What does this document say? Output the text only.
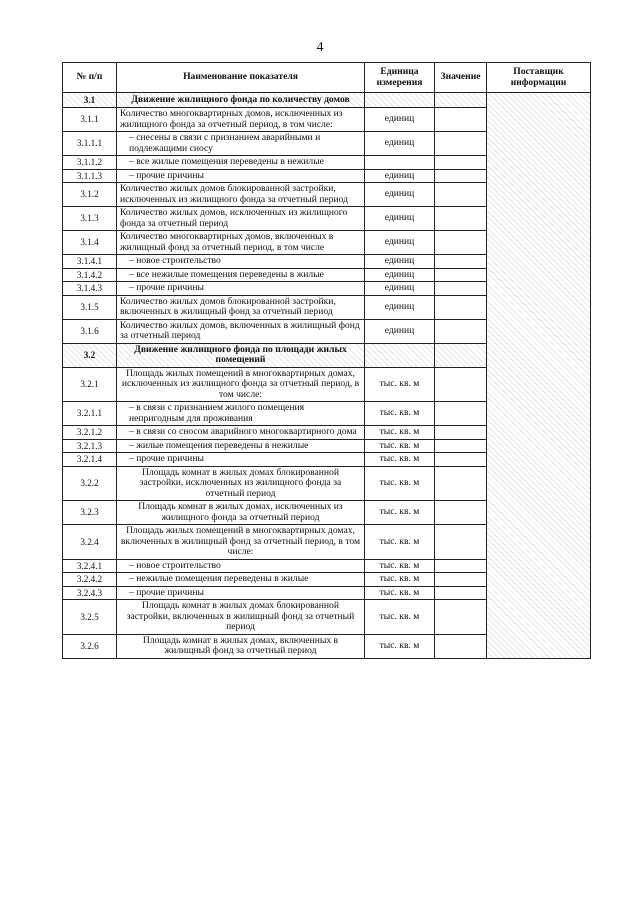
4
№ п/п	Наименование показателя	Единица измерения	Значение	Поставщик информации
3.1	Движение жилищного фонда по количеству домов			
3.1.1	Количество многоквартирных домов, исключенных из жилищного фонда за отчетный период, в том числе:	единиц		
3.1.1.1	– снесены в связи с признанием аварийными и подлежащими сносу	единиц		
3.1.1.2	– все жилые помещения переведены в нежилые			
3.1.1.3	– прочие причины	единиц		
3.1.2	Количество жилых домов блокированной застройки, исключенных из жилищного фонда за отчетный период	единиц		
3.1.3	Количество жилых домов, исключенных из жилищного фонда за отчетный период	единиц		
3.1.4	Количество многоквартирных домов, включенных в жилищный фонд за отчетный период, в том числе	единиц		
3.1.4.1	– новое строительство	единиц		
3.1.4.2	– все нежилые помещения переведены в жилые	единиц		
3.1.4.3	– прочие причины	единиц		
3.1.5	Количество жилых домов блокированной застройки, включенных в жилищный фонд за отчетный период	единиц		
3.1.6	Количество жилых домов, включенных в жилищный фонд за отчетный период	единиц		
3.2	Движение жилищного фонда по площади жилых помещений			
3.2.1	Площадь жилых помещений в многоквартирных домах, исключенных из жилищного фонда за отчетный период, в том числе:	тыс. кв. м		
3.2.1.1	– в связи с признанием жилого помещения непригодным для проживания	тыс. кв. м		
3.2.1.2	– в связи со сносом аварийного многоквартирного дома	тыс. кв. м		
3.2.1.3	– жилые помещения переведены в нежилые	тыс. кв. м		
3.2.1.4	– прочие причины	тыс. кв. м		
3.2.2	Площадь комнат в жилых домах блокированной застройки, исключенных из жилищного фонда за отчетный период	тыс. кв. м		
3.2.3	Площадь комнат в жилых домах, исключенных из жилищного фонда за отчетный период	тыс. кв. м		
3.2.4	Площадь жилых помещений в многоквартирных домах, включенных в жилищный фонд за отчетный период, в том числе:	тыс. кв. м		
3.2.4.1	– новое строительство	тыс. кв. м		
3.2.4.2	– нежилые помещения переведены в жилые	тыс. кв. м		
3.2.4.3	– прочие причины	тыс. кв. м		
3.2.5	Площадь комнат в жилых домах блокированной застройки, включенных в жилищный фонд за отчетный период	тыс. кв. м		
3.2.6	Площадь комнат в жилых домах, включенных в жилищный фонд за отчетный период	тыс. кв. м		
